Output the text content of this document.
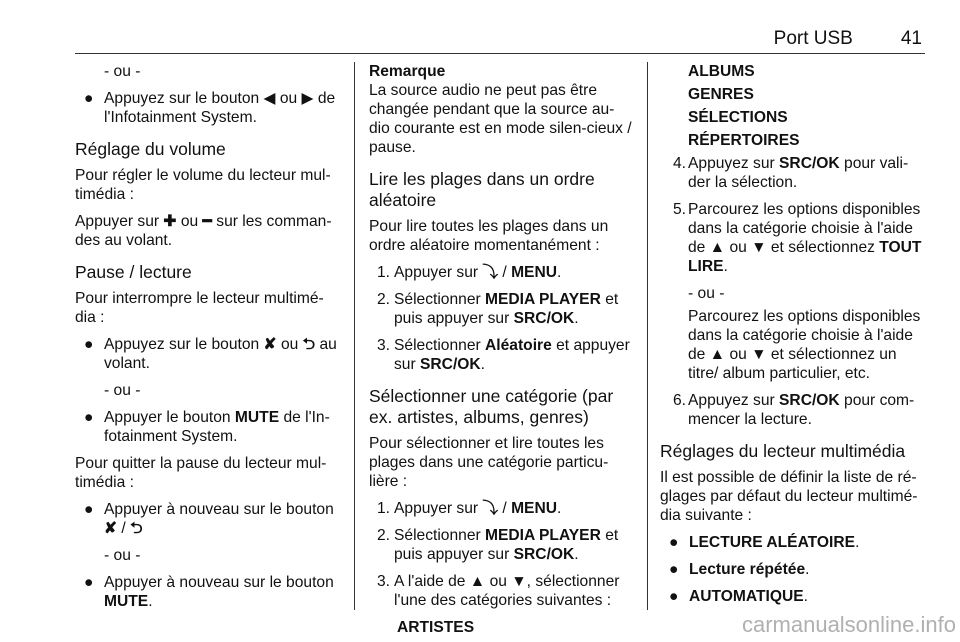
Port USB	41

- ou -

● Appuyez sur le bouton ◀ ou ▶ de l'Infotainment System.
Réglage du volume

Pour régler le volume du lecteur mul-timédia :

Appuyer sur ✚ ou ━ sur les comman-des au volant.

Pause / lecture

Pour interrompre le lecteur multimé-dia :

● Appuyez sur le bouton ✘ ou ⮌ au volant.

- ou -

● Appuyer le bouton MUTE de l'In-fotainment System.

Pour quitter la pause du lecteur mul-timédia :

● Appuyer à nouveau sur le bouton ✘ / ⮌

- ou -

● Appuyer à nouveau sur le bouton MUTE.
Remarque
La source audio ne peut pas être changée pendant que la source au-dio courante est en mode silen-cieux / pause.
Lire les plages dans un ordre aléatoire

Pour lire toutes les plages dans un ordre aléatoire momentanément :

1. Appuyer sur ⤵ / MENU.
2. Sélectionner MEDIA PLAYER et puis appuyer sur SRC/OK.
3. Sélectionner Aléatoire et appuyer sur SRC/OK.
Sélectionner une catégorie (par ex. artistes, albums, genres)

Pour sélectionner et lire toutes les plages dans une catégorie particu-lière :

1. Appuyer sur ⤵ / MENU.
2. Sélectionner MEDIA PLAYER et puis appuyer sur SRC/OK.
3. A l'aide de ▲ ou ▼, sélectionner l'une des catégories suivantes :

ARTISTES

ALBUMS

GENRES

SÉLECTIONS

RÉPERTOIRES

4. Appuyez sur SRC/OK pour vali-der la sélection.
5. Parcourez les options disponibles dans la catégorie choisie à l'aide de ▲ ou ▼ et sélectionnez TOUT LIRE.

- ou -

Parcourez les options disponibles dans la catégorie choisie à l'aide de ▲ ou ▼ et sélectionnez un titre/ album particulier, etc.

6. Appuyez sur SRC/OK pour com-mencer la lecture.
Réglages du lecteur multimédia

Il est possible de définir la liste de ré-glages par défaut du lecteur multimé-dia suivante :

● LECTURE ALÉATOIRE.
● Lecture répétée.
● AUTOMATIQUE.
carmanualsonline.info
